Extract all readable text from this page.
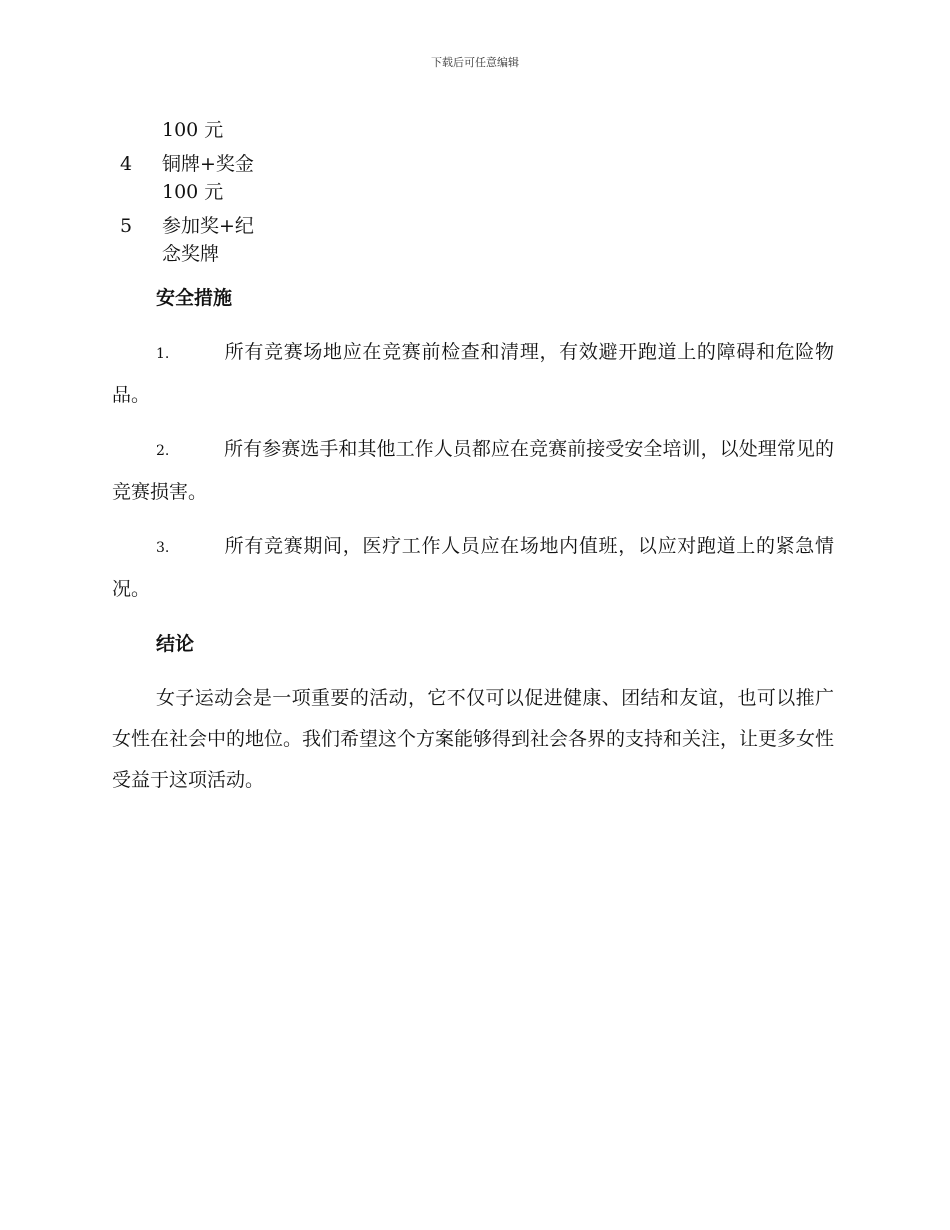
下载后可任意编辑
100 元
4	铜牌+奖金
100 元
5	参加奖+纪
念奖牌
安全措施

1.	所有竞赛场地应在竞赛前检查和清理，有效避开跑道上的障碍和危险物品。

2.	所有参赛选手和其他工作人员都应在竞赛前接受安全培训，以处理常见的竞赛损害。

3.	所有竞赛期间，医疗工作人员应在场地内值班，以应对跑道上的紧急情况。

结论

女子运动会是一项重要的活动，它不仅可以促进健康、团结和友谊，也可以推广女性在社会中的地位。我们希望这个方案能够得到社会各界的支持和关注，让更多女性受益于这项活动。
